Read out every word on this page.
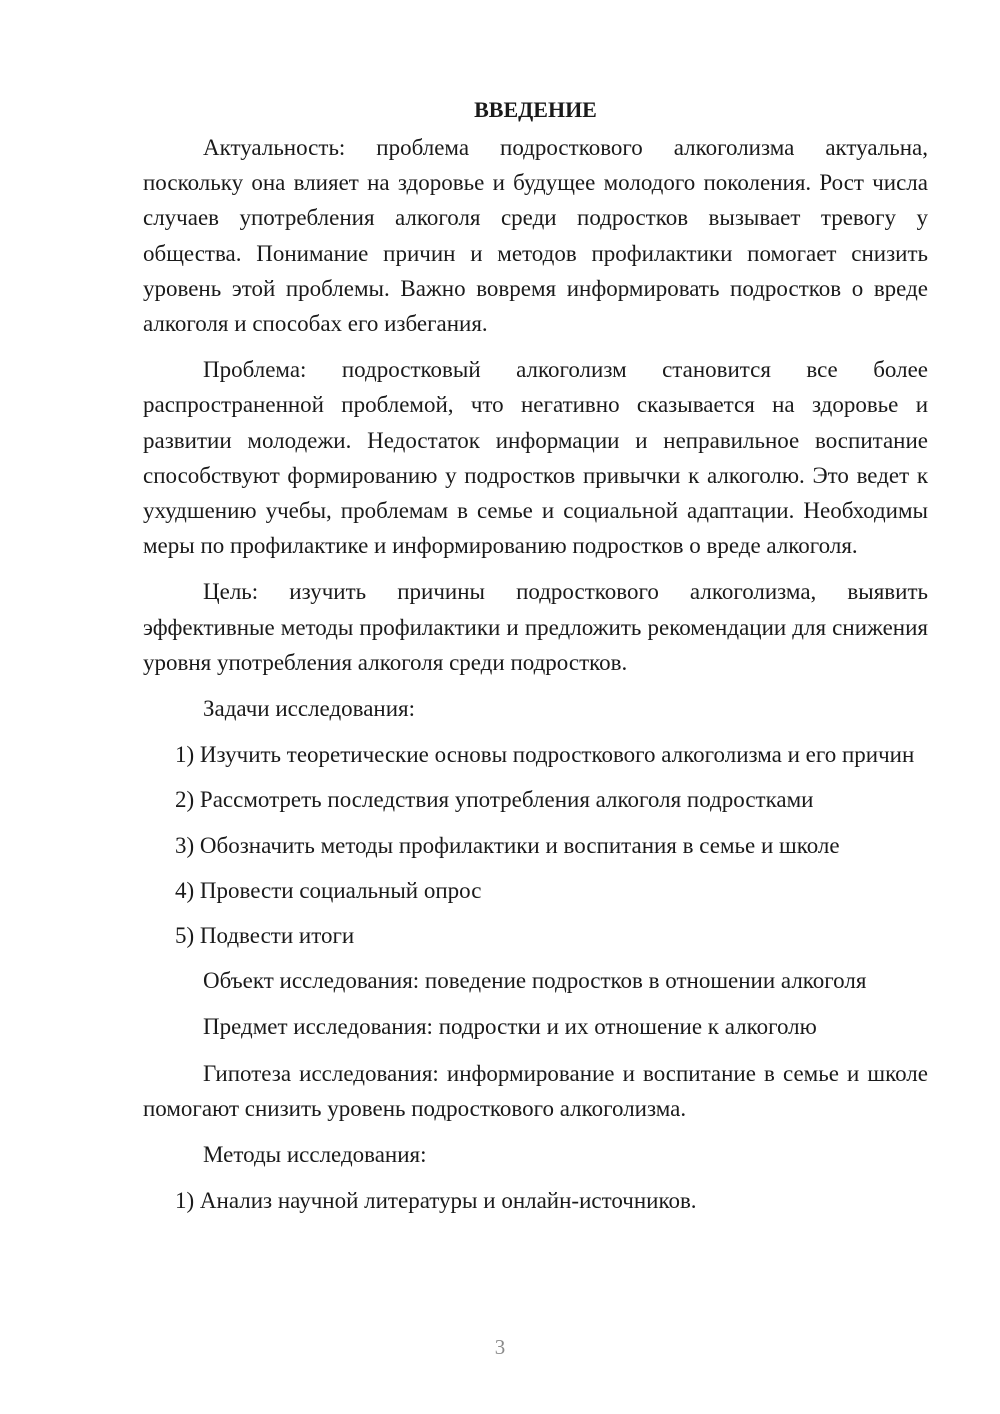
ВВЕДЕНИЕ

Актуальность: проблема подросткового алкоголизма актуальна, поскольку она влияет на здоровье и будущее молодого поколения. Рост числа случаев употребления алкоголя среди подростков вызывает тревогу у общества. Понимание причин и методов профилактики помогает снизить уровень этой проблемы. Важно вовремя информировать подростков о вреде алкоголя и способах его избегания.

Проблема: подростковый алкоголизм становится все более распространенной проблемой, что негативно сказывается на здоровье и развитии молодежи. Недостаток информации и неправильное воспитание способствуют формированию у подростков привычки к алкоголю. Это ведет к ухудшению учебы, проблемам в семье и социальной адаптации. Необходимы меры по профилактике и информированию подростков о вреде алкоголя.

Цель: изучить причины подросткового алкоголизма, выявить эффективные методы профилактики и предложить рекомендации для снижения уровня употребления алкоголя среди подростков.

Задачи исследования:

1) Изучить теоретические основы подросткового алкоголизма и его причин

2) Рассмотреть последствия употребления алкоголя подростками

3) Обозначить методы профилактики и воспитания в семье и школе

4) Провести социальный опрос

5) Подвести итоги

Объект исследования: поведение подростков в отношении алкоголя

Предмет исследования: подростки и их отношение к алкоголю

Гипотеза исследования: информирование и воспитание в семье и школе помогают снизить уровень подросткового алкоголизма.

Методы исследования:

1) Анализ научной литературы и онлайн-источников.

3
